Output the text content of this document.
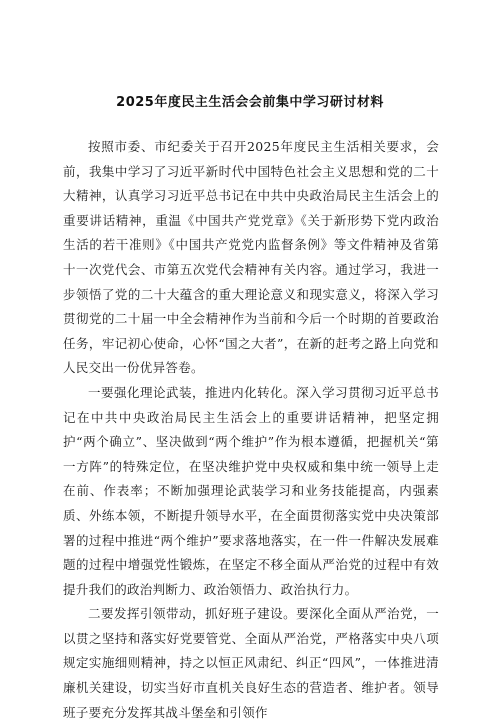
2025年度民主生活会会前集中学习研讨材料

按照市委、市纪委关于召开2025年度民主生活相关要求，会前，我集中学习了习近平新时代中国特色社会主义思想和党的二十大精神，认真学习习近平总书记在中共中央政治局民主生活会上的重要讲话精神，重温《中国共产党党章》《关于新形势下党内政治生活的若干准则》《中国共产党党内监督条例》等文件精神及省第十一次党代会、市第五次党代会精神有关内容。通过学习，我进一步领悟了党的二十大蕴含的重大理论意义和现实意义，将深入学习贯彻党的二十届一中全会精神作为当前和今后一个时期的首要政治任务，牢记初心使命，心怀“国之大者”，在新的赶考之路上向党和人民交出一份优异答卷。

一要强化理论武装，推进内化转化。深入学习贯彻习近平总书记在中共中央政治局民主生活会上的重要讲话精神，把坚定拥护“两个确立”、坚决做到“两个维护”作为根本遵循，把握机关“第一方阵”的特殊定位，在坚决维护党中央权威和集中统一领导上走在前、作表率；不断加强理论武装学习和业务技能提高，内强素质、外练本领，不断提升领导水平，在全面贯彻落实党中央决策部署的过程中推进“两个维护”要求落地落实，在一件一件解决发展难题的过程中增强党性锻炼，在坚定不移全面从严治党的过程中有效提升我们的政治判断力、政治领悟力、政治执行力。

二要发挥引领带动，抓好班子建设。要深化全面从严治党，一以贯之坚持和落实好党要管党、全面从严治党，严格落实中央八项规定实施细则精神，持之以恒正风肃纪、纠正“四风”，一体推进清廉机关建设，切实当好市直机关良好生态的营造者、维护者。领导班子要充分发挥其战斗堡垒和引领作
